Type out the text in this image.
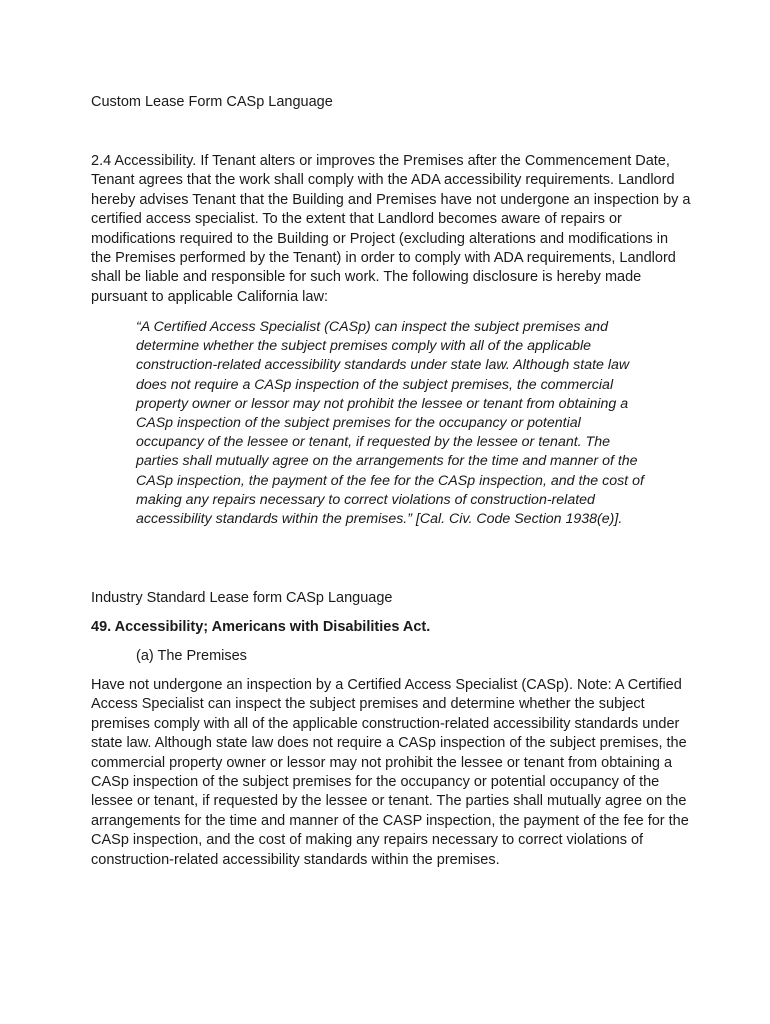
Custom Lease Form CASp Language
2.4 Accessibility. If Tenant alters or improves the Premises after the Commencement Date, Tenant agrees that the work shall comply with the ADA accessibility requirements. Landlord hereby advises Tenant that the Building and Premises have not undergone an inspection by a certified access specialist. To the extent that Landlord becomes aware of repairs or modifications required to the Building or Project (excluding alterations and modifications in the Premises performed by the Tenant) in order to comply with ADA requirements, Landlord shall be liable and responsible for such work. The following disclosure is hereby made pursuant to applicable California law:
“A Certified Access Specialist (CASp) can inspect the subject premises and determine whether the subject premises comply with all of the applicable construction-related accessibility standards under state law. Although state law does not require a CASp inspection of the subject premises, the commercial property owner or lessor may not prohibit the lessee or tenant from obtaining a CASp inspection of the subject premises for the occupancy or potential occupancy of the lessee or tenant, if requested by the lessee or tenant. The parties shall mutually agree on the arrangements for the time and manner of the CASp inspection, the payment of the fee for the CASp inspection, and the cost of making any repairs necessary to correct violations of construction-related accessibility standards within the premises.” [Cal. Civ. Code Section 1938(e)].
Industry Standard Lease form CASp Language
49. Accessibility; Americans with Disabilities Act.
(a) The Premises
Have not undergone an inspection by a Certified Access Specialist (CASp). Note: A Certified Access Specialist can inspect the subject premises and determine whether the subject premises comply with all of the applicable construction-related accessibility standards under state law. Although state law does not require a CASp inspection of the subject premises, the commercial property owner or lessor may not prohibit the lessee or tenant from obtaining a CASp inspection of the subject premises for the occupancy or potential occupancy of the lessee or tenant, if requested by the lessee or tenant. The parties shall mutually agree on the arrangements for the time and manner of the CASP inspection, the payment of the fee for the CASp inspection, and the cost of making any repairs necessary to correct violations of construction-related accessibility standards within the premises.
